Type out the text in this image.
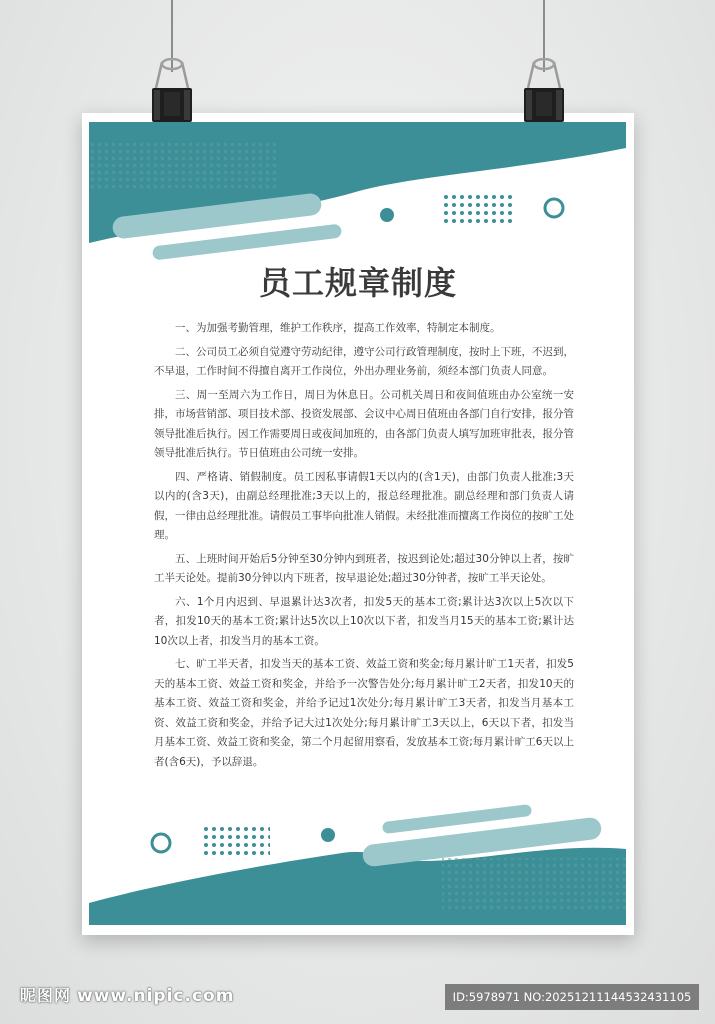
员工规章制度

一、为加强考勤管理，维护工作秩序，提高工作效率，特制定本制度。

二、公司员工必须自觉遵守劳动纪律，遵守公司行政管理制度，按时上下班，不迟到，不早退，工作时间不得擅自离开工作岗位，外出办理业务前，须经本部门负责人同意。

三、周一至周六为工作日，周日为休息日。公司机关周日和夜间值班由办公室统一安排，市场营销部、项目技术部、投资发展部、会议中心周日值班由各部门自行安排，报分管领导批准后执行。因工作需要周日或夜间加班的，由各部门负责人填写加班审批表，报分管领导批准后执行。节日值班由公司统一安排。

四、严格请、销假制度。员工因私事请假1天以内的(含1天)，由部门负责人批准;3天以内的(含3天)，由副总经理批准;3天以上的，报总经理批准。副总经理和部门负责人请假，一律由总经理批准。请假员工事毕向批准人销假。未经批准而擅离工作岗位的按旷工处理。

五、上班时间开始后5分钟至30分钟内到班者，按迟到论处;超过30分钟以上者，按旷工半天论处。提前30分钟以内下班者，按早退论处;超过30分钟者，按旷工半天论处。

六、1个月内迟到、早退累计达3次者，扣发5天的基本工资;累计达3次以上5次以下者，扣发10天的基本工资;累计达5次以上10次以下者，扣发当月15天的基本工资;累计达10次以上者，扣发当月的基本工资。

七、旷工半天者，扣发当天的基本工资、效益工资和奖金;每月累计旷工1天者，扣发5天的基本工资、效益工资和奖金，并给予一次警告处分;每月累计旷工2天者，扣发10天的基本工资、效益工资和奖金，并给予记过1次处分;每月累计旷工3天者，扣发当月基本工资、效益工资和奖金，并给予记大过1次处分;每月累计旷工3天以上，6天以下者，扣发当月基本工资、效益工资和奖金，第二个月起留用察看，发放基本工资;每月累计旷工6天以上者(含6天)，予以辞退。

昵图网 www.nipic.com	ID:5978971 NO:20251211144532431105
